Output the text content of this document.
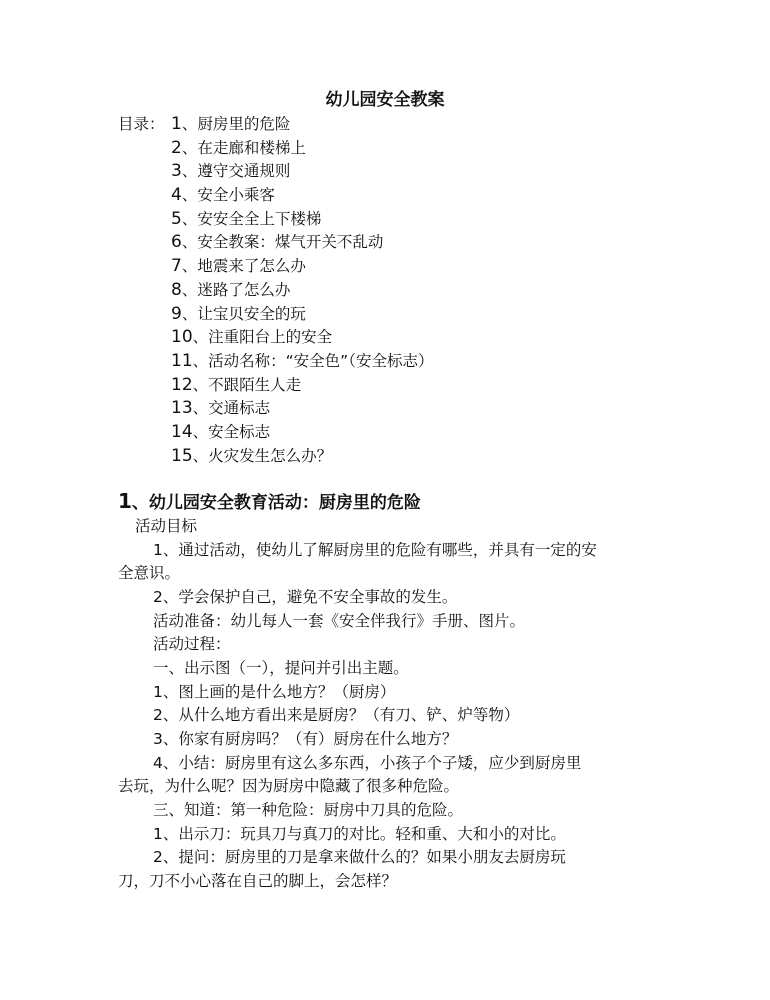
幼儿园安全教案
目录： 1、厨房里的危险
2、在走廊和楼梯上
3、遵守交通规则
4、安全小乘客
5、安安全全上下楼梯
6、安全教案：煤气开关不乱动
7、地震来了怎么办
8、迷路了怎么办
9、让宝贝安全的玩
10、注重阳台上的安全
11、活动名称：“安全色”（安全标志）
12、不跟陌生人走
13、交通标志
14、安全标志
15、火灾发生怎么办？
1、幼儿园安全教育活动：厨房里的危险
活动目标
1、通过活动，使幼儿了解厨房里的危险有哪些，并具有一定的安
全意识。
2、学会保护自己，避免不安全事故的发生。
活动准备：幼儿每人一套《安全伴我行》手册、图片。
活动过程：
一、出示图（一），提问并引出主题。
1、图上画的是什么地方？（厨房）
2、从什么地方看出来是厨房？（有刀、铲、炉等物）
3、你家有厨房吗？（有）厨房在什么地方？
4、小结：厨房里有这么多东西，小孩子个子矮，应少到厨房里
去玩，为什么呢？因为厨房中隐藏了很多种危险。
三、知道：第一种危险：厨房中刀具的危险。
1、出示刀：玩具刀与真刀的对比。轻和重、大和小的对比。
2、提问：厨房里的刀是拿来做什么的？如果小朋友去厨房玩
刀，刀不小心落在自己的脚上，会怎样？
